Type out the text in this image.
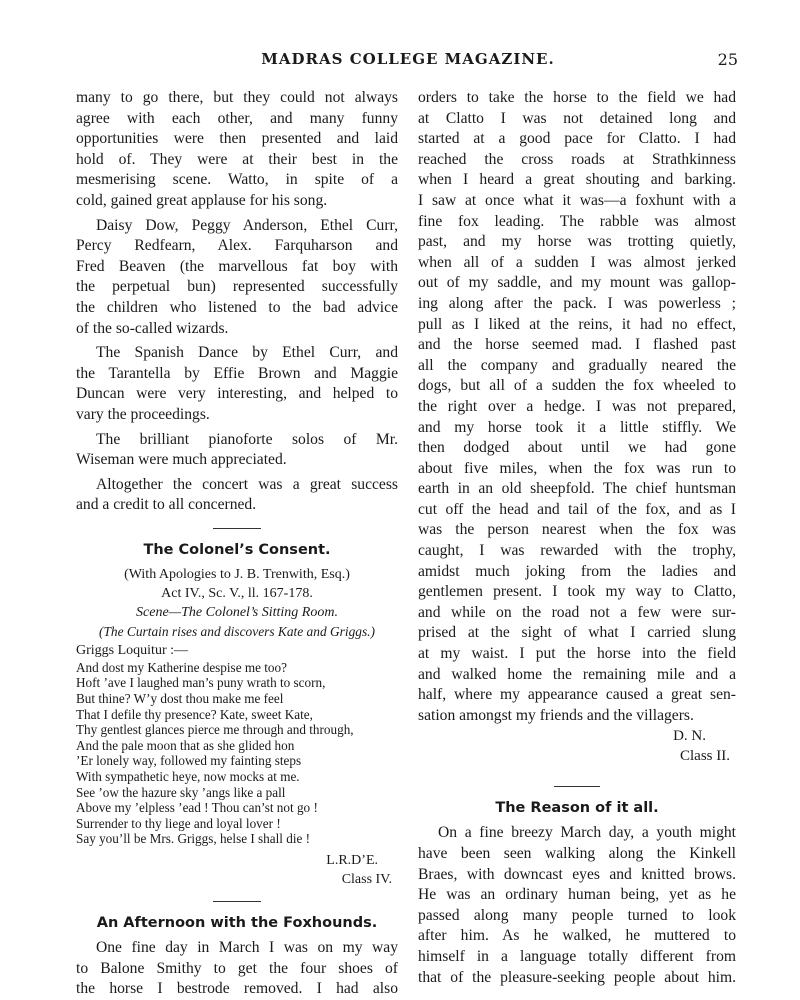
MADRAS COLLEGE MAGAZINE.	25
many to go there, but they could not always
agree with each other, and many funny
opportunities were then presented and laid
hold of. They were at their best in the
mesmerising scene. Watto, in spite of a
cold, gained great applause for his song.
Daisy Dow, Peggy Anderson, Ethel Curr,
Percy Redfearn, Alex. Farquharson and
Fred Beaven (the marvellous fat boy with
the perpetual bun) represented successfully
the children who listened to the bad advice
of the so-called wizards.
The Spanish Dance by Ethel Curr, and
the Tarantella by Effie Brown and Maggie
Duncan were very interesting, and helped to
vary the proceedings.
The brilliant pianoforte solos of Mr.
Wiseman were much appreciated.
Altogether the concert was a great success
and a credit to all concerned.
The Colonel’s Consent.
(With Apologies to J. B. Trenwith, Esq.)
Act IV., Sc. V., ll. 167-178.
Scene—The Colonel’s Sitting Room.
(The Curtain rises and discovers Kate and Griggs.)
Griggs Loquitur :—
And dost my Katherine despise me too?
Hoft ’ave I laughed man’s puny wrath to scorn,
But thine? W’y dost thou make me feel
That I defile thy presence? Kate, sweet Kate,
Thy gentlest glances pierce me through and through,
And the pale moon that as she glided hon
’Er lonely way, followed my fainting steps
With sympathetic heye, now mocks at me.
See ’ow the hazure sky ’angs like a pall
Above my ’elpless ’ead ! Thou can’st not go !
Surrender to thy liege and loyal lover !
Say you’ll be Mrs. Griggs, helse I shall die !
L.R.D’E.
Class IV.
An Afternoon with the Foxhounds.
One fine day in March I was on my way
to Balone Smithy to get the four shoes of
the horse I bestrode removed. I had also
orders to take the horse to the field we had
at Clatto I was not detained long and
started at a good pace for Clatto. I had
reached the cross roads at Strathkinness
when I heard a great shouting and barking.
I saw at once what it was—a foxhunt with a
fine fox leading. The rabble was almost
past, and my horse was trotting quietly,
when all of a sudden I was almost jerked
out of my saddle, and my mount was gallop-
ing along after the pack. I was powerless ;
pull as I liked at the reins, it had no effect,
and the horse seemed mad. I flashed past
all the company and gradually neared the
dogs, but all of a sudden the fox wheeled to
the right over a hedge. I was not prepared,
and my horse took it a little stiffly. We
then dodged about until we had gone
about five miles, when the fox was run to
earth in an old sheepfold. The chief huntsman
cut off the head and tail of the fox, and as I
was the person nearest when the fox was
caught, I was rewarded with the trophy,
amidst much joking from the ladies and
gentlemen present. I took my way to Clatto,
and while on the road not a few were sur-
prised at the sight of what I carried slung
at my waist. I put the horse into the field
and walked home the remaining mile and a
half, where my appearance caused a great sen-
sation amongst my friends and the villagers.
D. N.
Class II.
The Reason of it all.
On a fine breezy March day, a youth might
have been seen walking along the Kinkell
Braes, with downcast eyes and knitted brows.
He was an ordinary human being, yet as he
passed along many people turned to look
after him. As he walked, he muttered to
himself in a language totally different from
that of the pleasure-seeking people about him.
